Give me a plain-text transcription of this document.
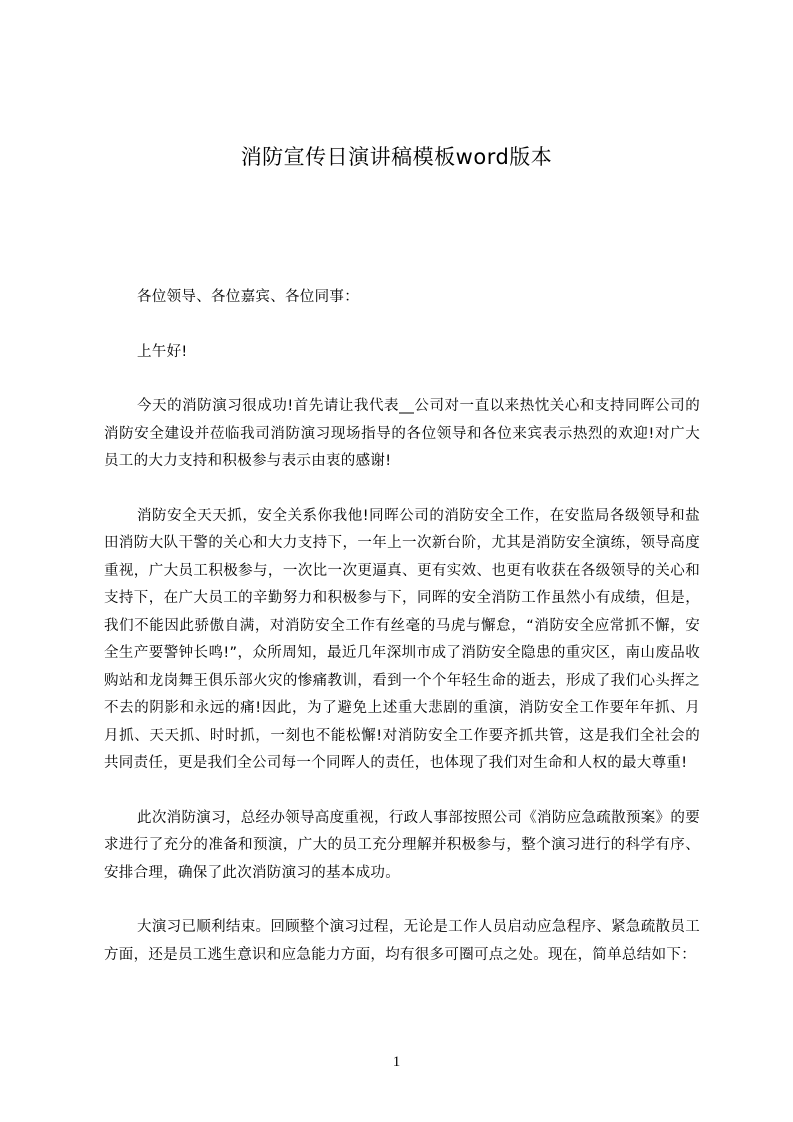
消防宣传日演讲稿模板word版本

各位领导、各位嘉宾、各位同事：

上午好!

今天的消防演习很成功!首先请让我代表__公司对一直以来热忱关心和支持同晖公司的消防安全建设并莅临我司消防演习现场指导的各位领导和各位来宾表示热烈的欢迎!对广大员工的大力支持和积极参与表示由衷的感谢!

消防安全天天抓，安全关系你我他!同晖公司的消防安全工作，在安监局各级领导和盐田消防大队干警的关心和大力支持下，一年上一次新台阶，尤其是消防安全演练，领导高度重视，广大员工积极参与，一次比一次更逼真、更有实效、也更有收获在各级领导的关心和支持下，在广大员工的辛勤努力和积极参与下，同晖的安全消防工作虽然小有成绩，但是，我们不能因此骄傲自满，对消防安全工作有丝毫的马虎与懈怠，“消防安全应常抓不懈，安全生产要警钟长鸣!”，众所周知，最近几年深圳市成了消防安全隐患的重灾区，南山废品收购站和龙岗舞王俱乐部火灾的惨痛教训，看到一个个年轻生命的逝去，形成了我们心头挥之不去的阴影和永远的痛!因此，为了避免上述重大悲剧的重演，消防安全工作要年年抓、月月抓、天天抓、时时抓，一刻也不能松懈!对消防安全工作要齐抓共管，这是我们全社会的共同责任，更是我们全公司每一个同晖人的责任，也体现了我们对生命和人权的最大尊重!

此次消防演习，总经办领导高度重视，行政人事部按照公司《消防应急疏散预案》的要求进行了充分的准备和预演，广大的员工充分理解并积极参与，整个演习进行的科学有序、安排合理，确保了此次消防演习的基本成功。

大演习已顺利结束。回顾整个演习过程，无论是工作人员启动应急程序、紧急疏散员工方面，还是员工逃生意识和应急能力方面，均有很多可圈可点之处。现在，简单总结如下：

1
